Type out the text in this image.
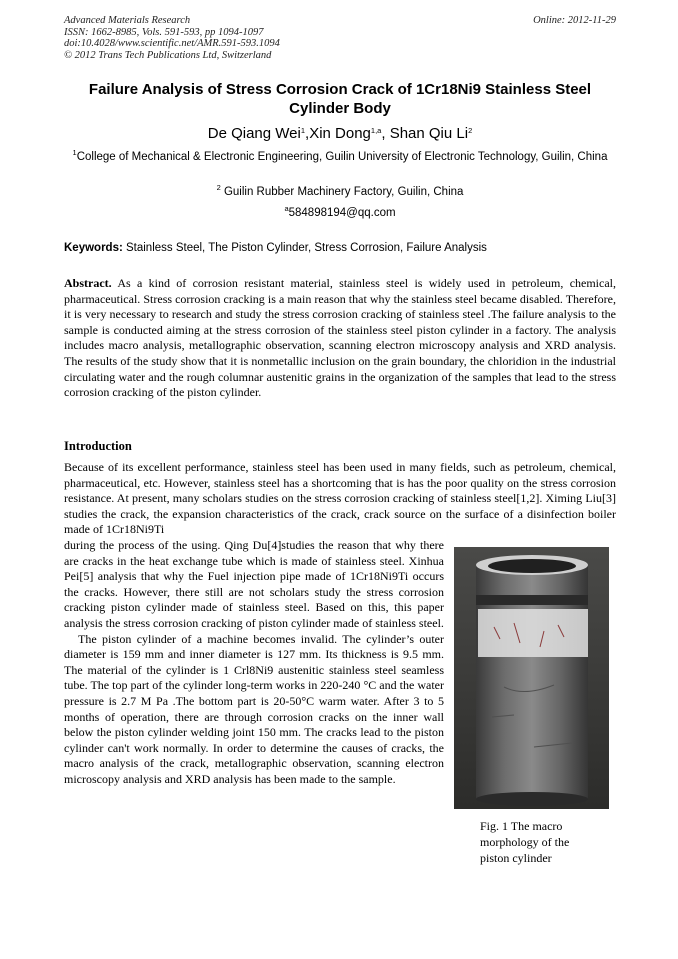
Advanced Materials Research
ISSN: 1662-8985, Vols. 591-593, pp 1094-1097
doi:10.4028/www.scientific.net/AMR.591-593.1094
© 2012 Trans Tech Publications Ltd, Switzerland
Online: 2012-11-29
Failure Analysis of Stress Corrosion Crack of 1Cr18Ni9 Stainless Steel Cylinder Body
De Qiang Wei$^1$,Xin Dong$^{1,a}$, Shan Qiu Li$^2$
$^1$College of Mechanical & Electronic Engineering, Guilin University of Electronic Technology, Guilin, China
$^2$ Guilin Rubber Machinery Factory, Guilin, China
$^a$584898194@qq.com
Keywords: Stainless Steel, The Piston Cylinder, Stress Corrosion, Failure Analysis
Abstract. As a kind of corrosion resistant material, stainless steel is widely used in petroleum, chemical, pharmaceutical. Stress corrosion cracking is a main reason that why the stainless steel became disabled. Therefore, it is very necessary to research and study the stress corrosion cracking of stainless steel .The failure analysis to the sample is conducted aiming at the stress corrosion of the stainless steel piston cylinder in a factory. The analysis includes macro analysis, metallographic observation, scanning electron microscopy analysis and XRD analysis. The results of the study show that it is nonmetallic inclusion on the grain boundary, the chloridion in the industrial circulating water and the rough columnar austenitic grains in the organization of the samples that lead to the stress corrosion cracking of the piston cylinder.
Introduction
Because of its excellent performance, stainless steel has been used in many fields, such as petroleum, chemical, pharmaceutical, etc. However, stainless steel has a shortcoming that is has the poor quality on the stress corrosion resistance. At present, many scholars studies on the stress corrosion cracking of stainless steel[1,2]. Ximing Liu[3] studies the crack, the expansion characteristics of the crack, crack source on the surface of a disinfection boiler made of 1Cr18Ni9Ti

during the process of the using. Qing Du[4]studies the reason that why there are cracks in the heat exchange tube which is made of stainless steel. Xinhua Pei[5] analysis that why the Fuel injection pipe made of 1Cr18Ni9Ti occurs the cracks. However, there still are not scholars study the stress corrosion cracking piston cylinder made of stainless steel. Based on this, this paper analysis the stress corrosion cracking of piston cylinder made of stainless steel.

The piston cylinder of a machine becomes invalid. The cylinder’s outer diameter is 159 mm and inner diameter is 127 mm. Its thickness is 9.5 mm. The material of the cylinder is 1 Crl8Ni9 austenitic stainless steel seamless tube. The top part of the cylinder long-term works in 220-240 °C and the water pressure is 2.7 M Pa .The bottom part is 20-50°C warm water. After 3 to 5 months of operation, there are through corrosion cracks on the inner wall below the piston cylinder welding joint 150 mm. The cracks lead to the piston cylinder can't work normally. In order to determine the causes of cracks, the macro analysis of the crack, metallographic observation, scanning electron microscopy analysis and XRD analysis has been made to the sample.

Fig. 1 The macro morphology of the piston cylinder
